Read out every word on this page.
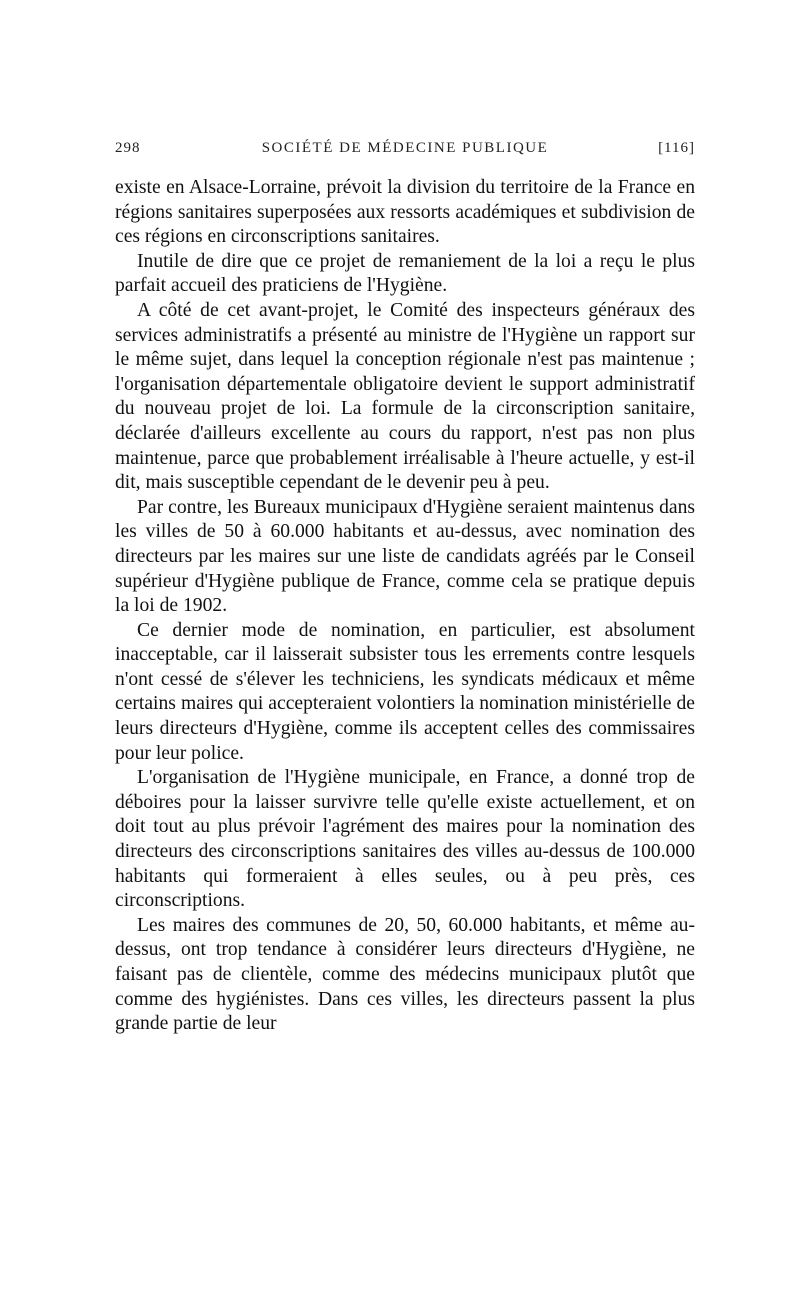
298	SOCIÉTÉ DE MÉDECINE PUBLIQUE	[116]

existe en Alsace-Lorraine, prévoit la division du territoire de la France en régions sanitaires superposées aux ressorts académiques et subdivision de ces régions en circonscriptions sanitaires.

Inutile de dire que ce projet de remaniement de la loi a reçu le plus parfait accueil des praticiens de l'Hygiène.

A côté de cet avant-projet, le Comité des inspecteurs généraux des services administratifs a présenté au ministre de l'Hygiène un rapport sur le même sujet, dans lequel la conception régionale n'est pas maintenue ; l'organisation départementale obligatoire devient le support administratif du nouveau projet de loi. La formule de la circonscription sanitaire, déclarée d'ailleurs excellente au cours du rapport, n'est pas non plus maintenue, parce que probablement irréalisable à l'heure actuelle, y est-il dit, mais susceptible cependant de le devenir peu à peu.

Par contre, les Bureaux municipaux d'Hygiène seraient maintenus dans les villes de 50 à 60.000 habitants et au-dessus, avec nomination des directeurs par les maires sur une liste de candidats agréés par le Conseil supérieur d'Hygiène publique de France, comme cela se pratique depuis la loi de 1902.

Ce dernier mode de nomination, en particulier, est absolument inacceptable, car il laisserait subsister tous les errements contre lesquels n'ont cessé de s'élever les techniciens, les syndicats médicaux et même certains maires qui accepteraient volontiers la nomination ministérielle de leurs directeurs d'Hygiène, comme ils acceptent celles des commissaires pour leur police.

L'organisation de l'Hygiène municipale, en France, a donné trop de déboires pour la laisser survivre telle qu'elle existe actuellement, et on doit tout au plus prévoir l'agrément des maires pour la nomination des directeurs des circonscriptions sanitaires des villes au-dessus de 100.000 habitants qui formeraient à elles seules, ou à peu près, ces circonscriptions.

Les maires des communes de 20, 50, 60.000 habitants, et même au-dessus, ont trop tendance à considérer leurs directeurs d'Hygiène, ne faisant pas de clientèle, comme des médecins municipaux plutôt que comme des hygiénistes. Dans ces villes, les directeurs passent la plus grande partie de leur
